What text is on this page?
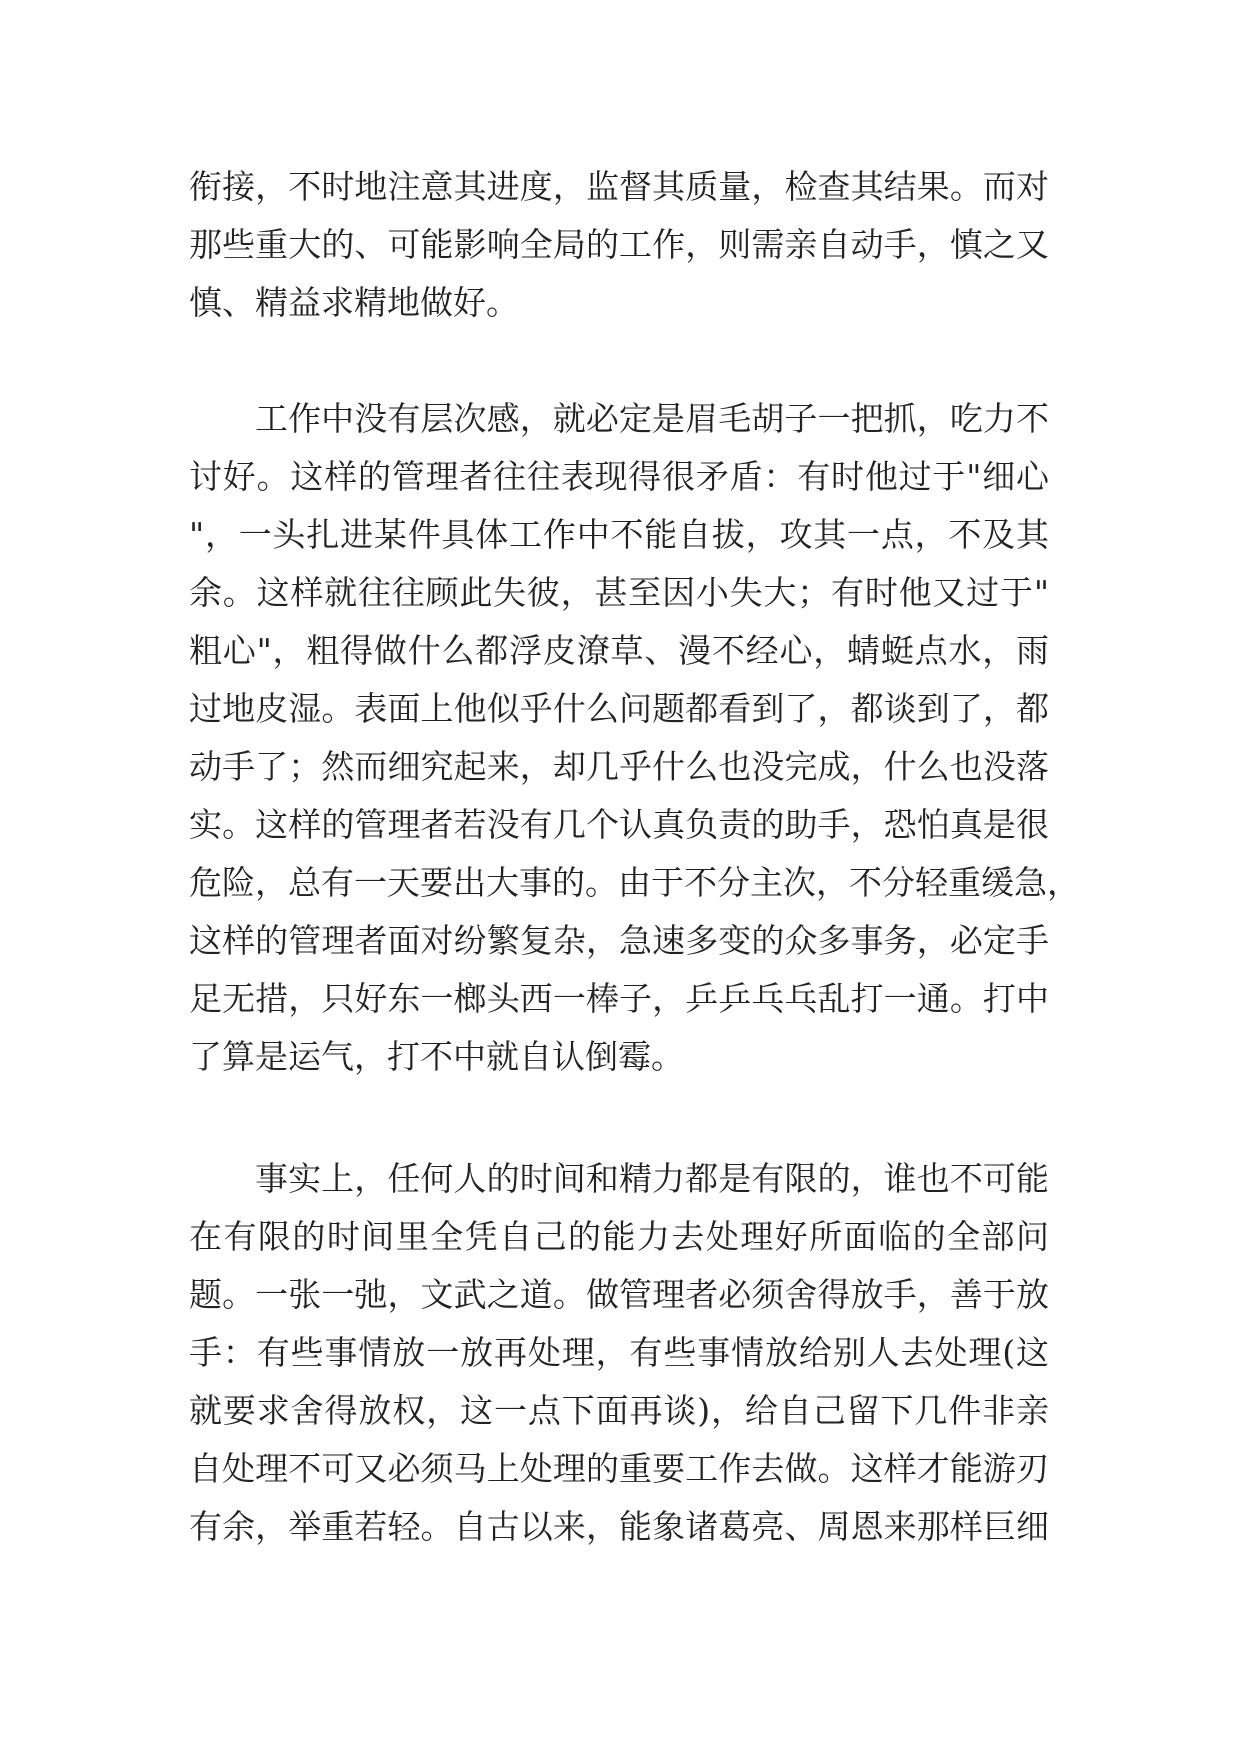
衔接，不时地注意其进度，监督其质量，检查其结果。而对
那些重大的、可能影响全局的工作，则需亲自动手，慎之又
慎、精益求精地做好。
工作中没有层次感，就必定是眉毛胡子一把抓，吃力不
讨好。这样的管理者往往表现得很矛盾：有时他过于"细心
"，一头扎进某件具体工作中不能自拔，攻其一点，不及其
余。这样就往往顾此失彼，甚至因小失大；有时他又过于"
粗心"，粗得做什么都浮皮潦草、漫不经心，蜻蜓点水，雨
过地皮湿。表面上他似乎什么问题都看到了，都谈到了，都
动手了；然而细究起来，却几乎什么也没完成，什么也没落
实。这样的管理者若没有几个认真负责的助手，恐怕真是很
危险，总有一天要出大事的。由于不分主次，不分轻重缓急，
这样的管理者面对纷繁复杂，急速多变的众多事务，必定手
足无措，只好东一榔头西一棒子，乒乒乓乓乱打一通。打中
了算是运气，打不中就自认倒霉。
事实上，任何人的时间和精力都是有限的，谁也不可能
在有限的时间里全凭自己的能力去处理好所面临的全部问
题。一张一弛，文武之道。做管理者必须舍得放手，善于放
手：有些事情放一放再处理，有些事情放给别人去处理(这
就要求舍得放权，这一点下面再谈)，给自己留下几件非亲
自处理不可又必须马上处理的重要工作去做。这样才能游刃
有余，举重若轻。自古以来，能象诸葛亮、周恩来那样巨细
